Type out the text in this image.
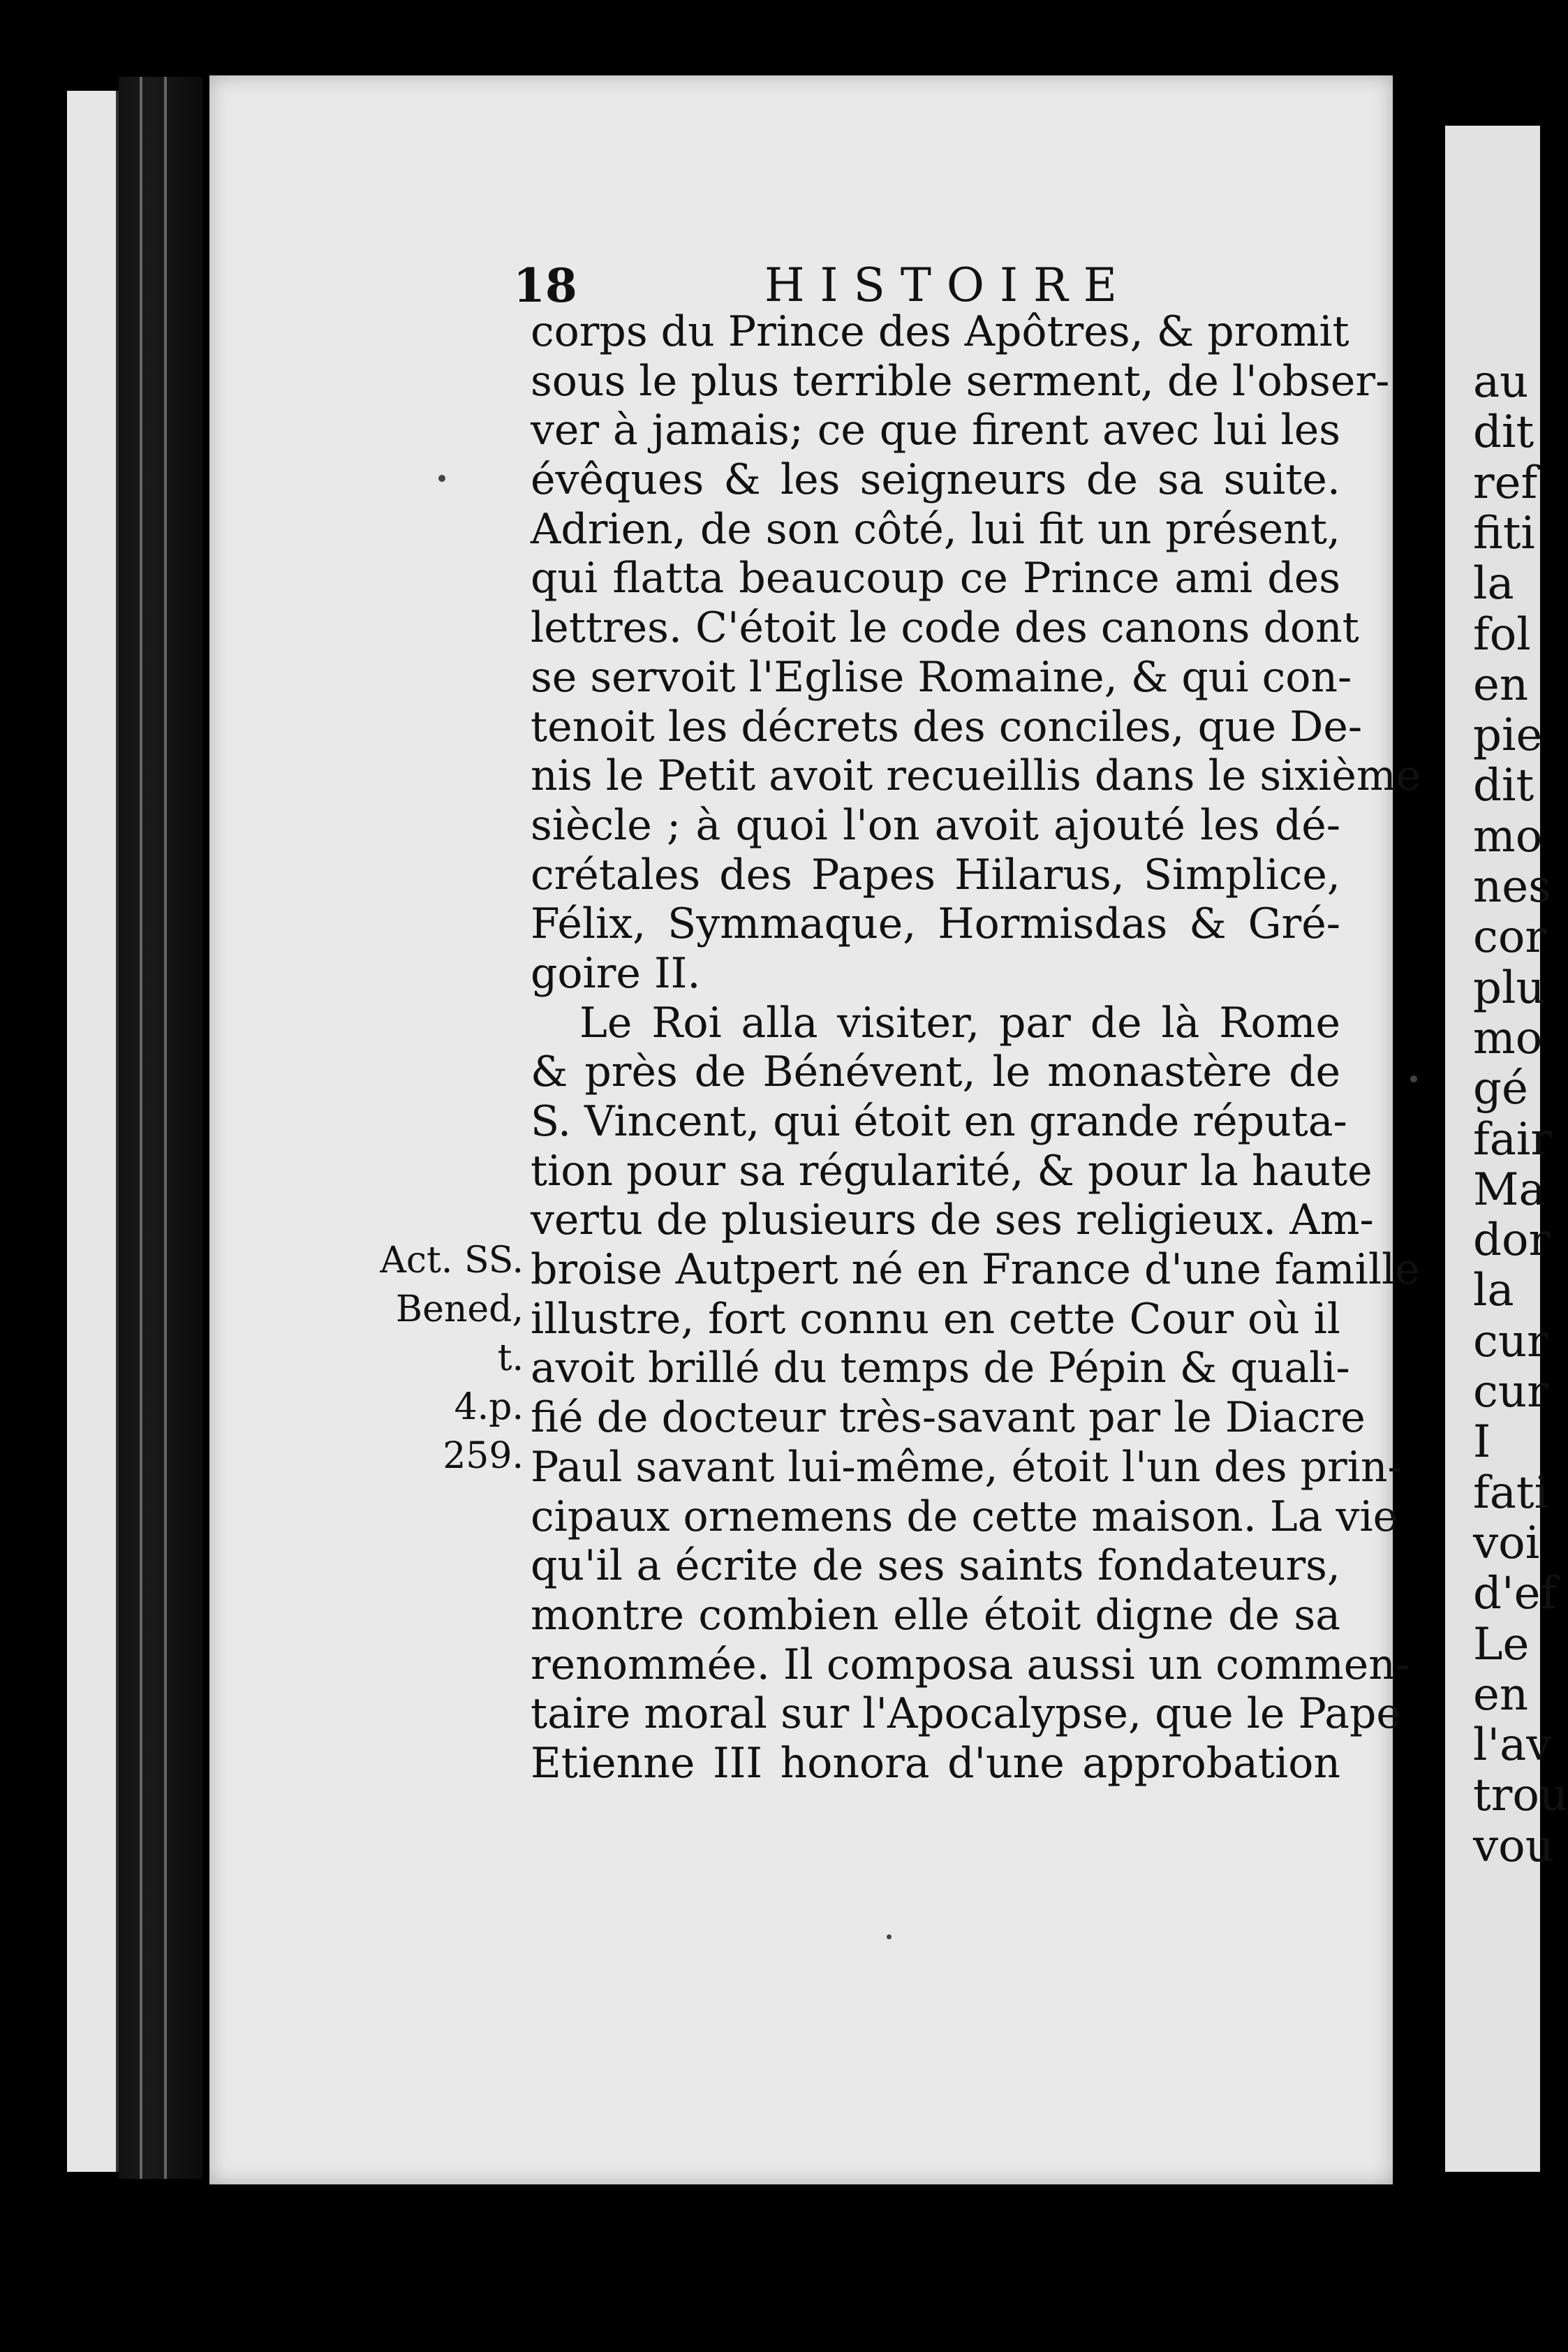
18	HISTOIRE
Act. SS.
Bened, t.
4.p. 259.
corps du Prince des Apôtres, & promit
sous le plus terrible serment, de l'obser-
ver à jamais; ce que firent avec lui les
évêques & les seigneurs de sa suite.
Adrien, de son côté, lui fit un présent,
qui flatta beaucoup ce Prince ami des
lettres. C'étoit le code des canons dont
se servoit l'Eglise Romaine, & qui con-
tenoit les décrets des conciles, que De-
nis le Petit avoit recueillis dans le sixième
siècle ; à quoi l'on avoit ajouté les dé-
crétales des Papes Hilarus, Simplice,
Félix, Symmaque, Hormisdas & Gré-
goire II.
Le Roi alla visiter, par de là Rome
& près de Bénévent, le monastère de
S. Vincent, qui étoit en grande réputa-
tion pour sa régularité, & pour la haute
vertu de plusieurs de ses religieux. Am-
broise Autpert né en France d'une famille
illustre, fort connu en cette Cour où il
avoit brillé du temps de Pépin & quali-
fié de docteur très-savant par le Diacre
Paul savant lui-même, étoit l'un des prin-
cipaux ornemens de cette maison. La vie
qu'il a écrite de ses saints fondateurs,
montre combien elle étoit digne de sa
renommée. Il composa aussi un commen-
taire moral sur l'Apocalypse, que le Pape
Etienne III honora d'une approbation
au
dit
ref
fiti
la
fol
en
pie
dit
mo
nes
cor
plu
mo
gé
fair
Ma
dor
la
cur
cur
I
fati
voi
d'ef
Le
en
l'av
trou
vou
